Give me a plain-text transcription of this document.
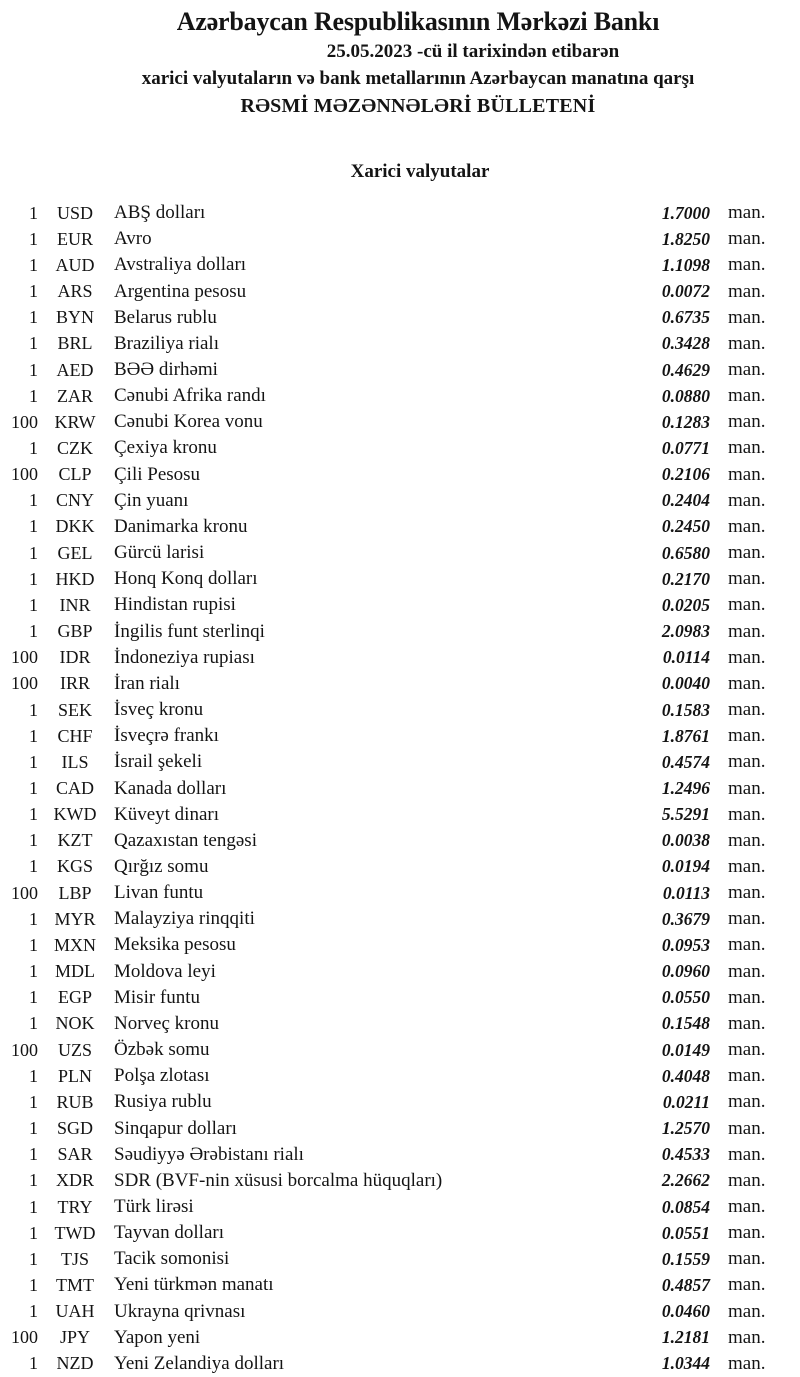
Azərbaycan Respublikasının Mərkəzi Bankı
25.05.2023 -cü il tarixindən etibarən
xarici valyutaların və bank metallarının Azərbaycan manatına qarşı
RƏSMİ MƏZƏNNƏLƏRİ BÜLLETENİ
Xarici valyutalar
1	USD	ABŞ dolları	1.7000 man.
1	EUR	Avro	1.8250 man.
1 AUD	Avstraliya dolları	1.1098 man.
1	ARS	Argentina pesosu	0.0072 man.
1 BYN	Belarus rublu	0.6735 man.
1	BRL	Braziliya rialı	0.3428 man.
1	AED	BƏƏ dirhəmi	0.4629 man.
1	ZAR	Cənubi Afrika randı	0.0880 man.
100 KRW Cənubi Korea vonu	0.1283 man.
1	CZK	Çexiya kronu	0.0771 man.
100	CLP	Çili Pesosu	0.2106 man.
1 CNY	Çin yuanı	0.2404 man.
1 DKK	Danimarka kronu	0.2450 man.
1	GEL	Gürcü larisi	0.6580 man.
1 HKD	Honq Konq dolları	0.2170 man.
1	INR	Hindistan rupisi	0.0205 man.
1	GBP	İngilis funt sterlinqi	2.0983 man.
100	IDR	İndoneziya rupiası	0.0114 man.
100	IRR	İran rialı	0.0040 man.
1	SEK	İsveç kronu	0.1583 man.
1	CHF	İsveçrə frankı	1.8761 man.
1	ILS	İsrail şekeli	0.4574 man.
1 CAD	Kanada dolları	1.2496 man.
1 KWD Küveyt dinarı	5.5291 man.
1	KZT	Qazaxıstan tengəsi	0.0038 man.
1	KGS	Qırğız somu	0.0194 man.
100	LBP	Livan funtu	0.0113 man.
1 MYR Malayziya rinqqiti	0.3679 man.
1 MXN Meksika pesosu	0.0953 man.
1 MDL	Moldova leyi	0.0960 man.
1	EGP	Misir funtu	0.0550 man.
1 NOK	Norveç kronu	0.1548 man.
100	UZS	Özbək somu	0.0149 man.
1	PLN	Polşa zlotası	0.4048 man.
1	RUB	Rusiya rublu	0.0211 man.
1	SGD	Sinqapur dolları	1.2570 man.
1	SAR	Səudiyyə Ərəbistanı rialı	0.4533 man.
1 XDR	SDR (BVF-nin xüsusi borcalma hüquqları)	2.2662 man.
1	TRY	Türk lirəsi	0.0854 man.
1 TWD Tayvan dolları	0.0551 man.
1	TJS	Tacik somonisi	0.1559 man.
1	TMT	Yeni türkmən manatı	0.4857 man.
1 UAH	Ukrayna qrivnası	0.0460 man.
100	JPY	Yapon yeni	1.2181 man.
1	NZD	Yeni Zelandiya dolları	1.0344 man.
